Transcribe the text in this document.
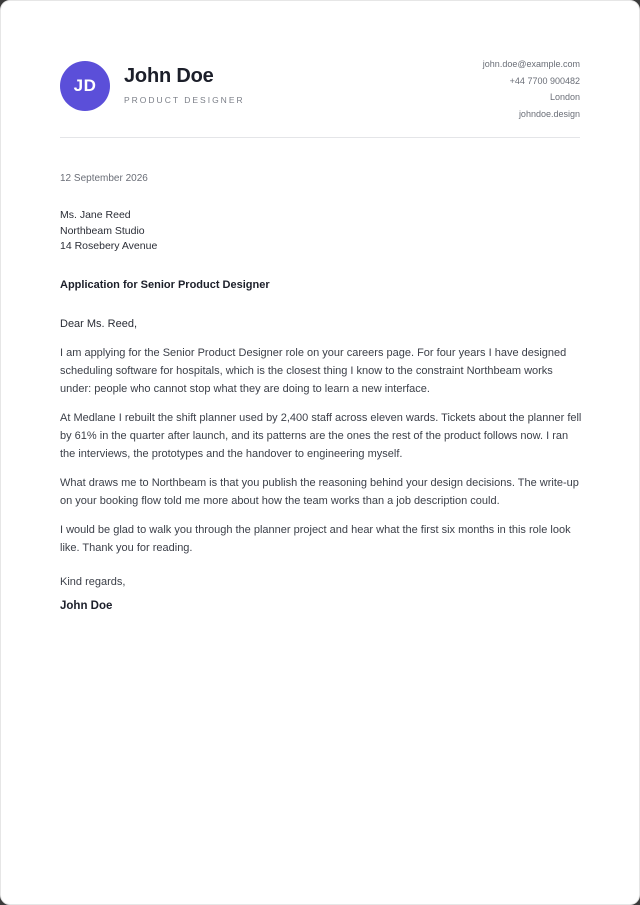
JD	John Doe
PRODUCT DESIGNER
john.doe@example.com
+44 7700 900482
London
johndoe.design
12 September 2026
Ms. Jane Reed
Northbeam Studio
14 Rosebery Avenue
Application for Senior Product Designer

Dear Ms. Reed,

I am applying for the Senior Product Designer role on your careers page. For four years I have designed scheduling software for hospitals, which is the closest thing I know to the constraint Northbeam works under: people who cannot stop what they are doing to learn a new interface.

At Medlane I rebuilt the shift planner used by 2,400 staff across eleven wards. Tickets about the planner fell by 61% in the quarter after launch, and its patterns are the ones the rest of the product follows now. I ran the interviews, the prototypes and the handover to engineering myself.

What draws me to Northbeam is that you publish the reasoning behind your design decisions. The write-up on your booking flow told me more about how the team works than a job description could.

I would be glad to walk you through the planner project and hear what the first six months in this role look like. Thank you for reading.

Kind regards,
John Doe
